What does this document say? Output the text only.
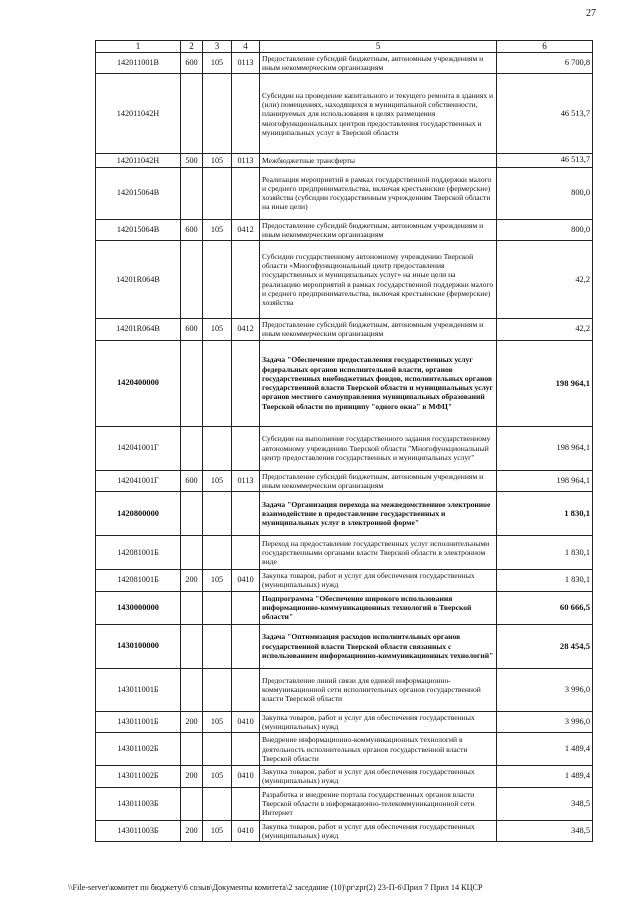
27
1	2	3	4	5	6
142011001В	600	105	0113	Предоставление субсидий бюджетным, автономным учреждениям и иным некоммерческим организациям	6 700,8
142011042Н				Субсидии на проведение капитального и текущего ремонта в зданиях и (или) помещениях, находящихся в муниципальной собственности, планируемых для использования в целях размещения многофункциональных центров предоставления государственных и муниципальных услуг в Тверской области	46 513,7
142011042Н	500	105	0113	Межбюджетные трансферты	46 513,7
142015064В				Реализация мероприятий в рамках государственной поддержки малого и среднего предпринимательства, включая крестьянские (фермерские) хозяйства (субсидии государственным учреждениям Тверской области на иные цели)	800,0
142015064В	600	105	0412	Предоставление субсидий бюджетным, автономным учреждениям и иным некоммерческим организациям	800,0
14201R064В				Субсидии государственному автономному учреждению Тверской области «Многофункциональный центр предоставления государственных и муниципальных услуг» на иные цели на реализацию мероприятий в рамках государственной поддержки малого и среднего предпринимательства, включая крестьянские (фермерские) хозяйства	42,2
14201R064В	600	105	0412	Предоставление субсидий бюджетным, автономным учреждениям и иным некоммерческим организациям	42,2
1420400000				Задача "Обеспечение предоставления государственных услуг федеральных органов исполнительной власти, органов государственных внебюджетных фондов, исполнительных органов государственной власти Тверской области и муниципальных услуг органов местного самоуправления муниципальных образований Тверской области по принципу "одного окна" в МФЦ"	198 964,1
142041001Г				Субсидии на выполнение государственного задания государственному автономному учреждению Тверской области "Многофункциональный центр предоставления государственных и муниципальных услуг"	198 964,1
142041001Г	600	105	0113	Предоставление субсидий бюджетным, автономным учреждениям и иным некоммерческим организациям	198 964,1
1420800000				Задача "Организация перехода на межведомственное электронное взаимодействие в предоставление государственных и муниципальных услуг в электронной форме"	1 830,1
142081001Б				Переход на предоставление государственных услуг исполнительными государственными органами власти Тверской области в электронном виде	1 830,1
142081001Б	200	105	0410	Закупка товаров, работ и услуг для обеспечения государственных (муниципальных) нужд	1 830,1
1430000000				Подпрограмма "Обеспечение широкого использования информационно-коммуникационных технологий в Тверской области"	60 666,5
1430100000				Задача "Оптимизация расходов исполнительных органов государственной власти Тверской области связанных с использованием информационно-коммуникационных технологий"	28 454,5
143011001Б				Предоставление линий связи для единой информационно-коммуникационной сети исполнительных органов государственной власти Тверской области	3 996,0
143011001Б	200	105	0410	Закупка товаров, работ и услуг для обеспечения государственных (муниципальных) нужд	3 996,0
143011002Б				Внедрение информационно-коммуникационных технологий в деятельность исполнительных органов государственной власти Тверской области	1 489,4
143011002Б	200	105	0410	Закупка товаров, работ и услуг для обеспечения государственных (муниципальных) нужд	1 489,4
143011003Б				Разработка и внедрение портала государственных органов власти Тверской области в информационно-телекоммуникационной сети Интернет	348,5
143011003Б	200	105	0410	Закупка товаров, работ и услуг для обеспечения государственных (муниципальных) нужд	348,5
\\File-server\комитет по бюджету\6 созыв\Документы комитета\2 заседание (10)\pr\zpr(2) 23-П-6\Прил 7 Прил 14 КЦСР
